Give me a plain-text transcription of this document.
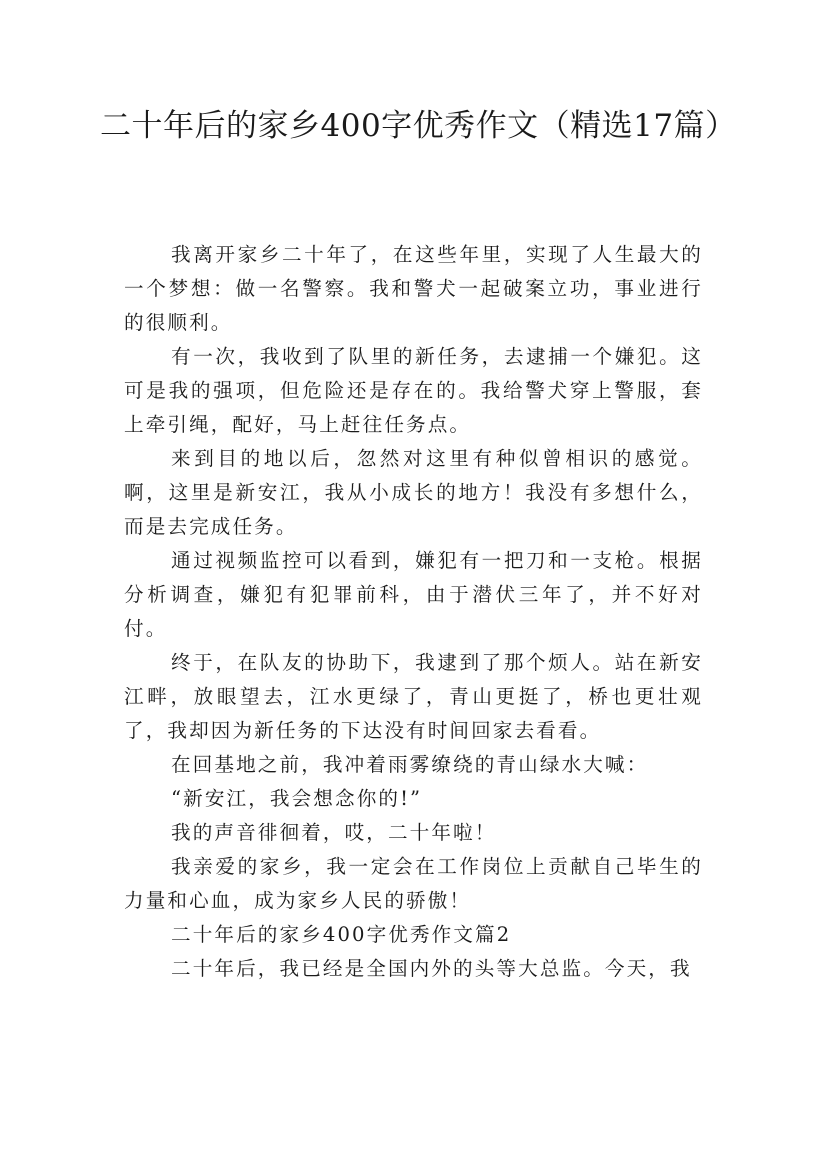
二十年后的家乡400字优秀作文（精选17篇）

我离开家乡二十年了，在这些年里，实现了人生最大的一个梦想：做一名警察。我和警犬一起破案立功，事业进行的很顺利。

有一次，我收到了队里的新任务，去逮捕一个嫌犯。这可是我的强项，但危险还是存在的。我给警犬穿上警服，套上牵引绳，配好，马上赶往任务点。

来到目的地以后，忽然对这里有种似曾相识的感觉。啊，这里是新安江，我从小成长的地方！我没有多想什么，而是去完成任务。

通过视频监控可以看到，嫌犯有一把刀和一支枪。根据分析调查，嫌犯有犯罪前科，由于潜伏三年了，并不好对付。

终于，在队友的协助下，我逮到了那个烦人。站在新安江畔，放眼望去，江水更绿了，青山更挺了，桥也更壮观了，我却因为新任务的下达没有时间回家去看看。

在回基地之前，我冲着雨雾缭绕的青山绿水大喊：

“新安江，我会想念你的!”

我的声音徘徊着，哎，二十年啦！

我亲爱的家乡，我一定会在工作岗位上贡献自己毕生的力量和心血，成为家乡人民的骄傲！

二十年后的家乡400字优秀作文篇2

二十年后，我已经是全国内外的头等大总监。今天，我
